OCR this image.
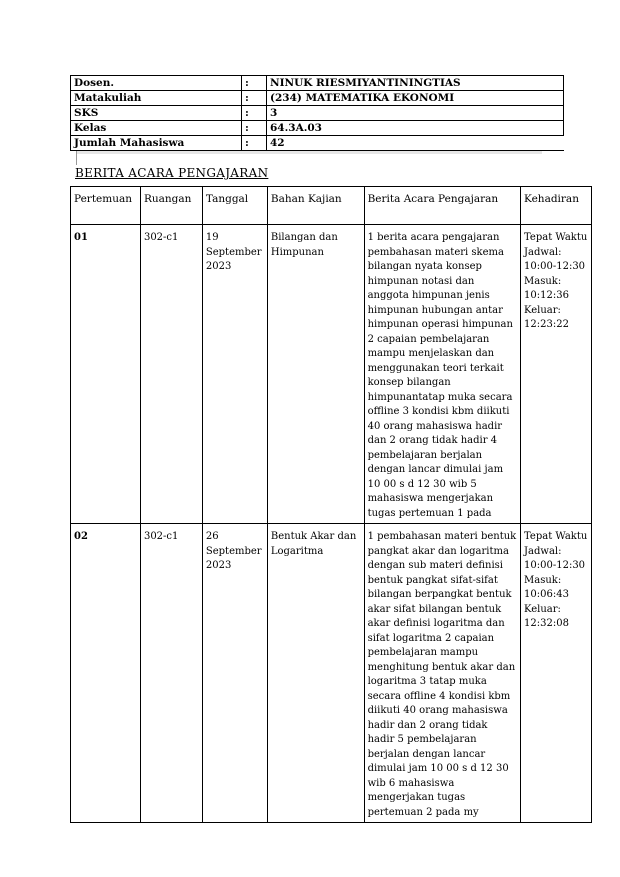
Dosen.	:	NINUK RIESMIYANTININGTIAS
Matakuliah	:	(234) MATEMATIKA EKONOMI
SKS	:	3
Kelas	:	64.3A.03
Jumlah Mahasiswa	:	42
BERITA ACARA PENGAJARAN
Pertemuan	Ruangan	Tanggal	Bahan Kajian	Berita Acara Pengajaran	Kehadiran
01	302-c1	19 September 2023	Bilangan dan Himpunan	1 berita acara pengajaran pembahasan materi skema bilangan nyata konsep himpunan notasi dan anggota himpunan jenis himpunan hubungan antar himpunan operasi himpunan 2 capaian pembelajaran mampu menjelaskan dan menggunakan teori terkait konsep bilangan himpunantatap muka secara offline 3 kondisi kbm diikuti 40 orang mahasiswa hadir dan 2 orang tidak hadir 4 pembelajaran berjalan dengan lancar dimulai jam 10 00 s d 12 30 wib 5 mahasiswa mengerjakan tugas pertemuan 1 pada	Tepat Waktu Jadwal: 10:00-12:30 Masuk: 10:12:36 Keluar: 12:23:22
02	302-c1	26 September 2023	Bentuk Akar dan Logaritma	1 pembahasan materi bentuk pangkat akar dan logaritma dengan sub materi definisi bentuk pangkat sifat-sifat bilangan berpangkat bentuk akar sifat bilangan bentuk akar definisi logaritma dan sifat logaritma 2 capaian pembelajaran mampu menghitung bentuk akar dan logaritma 3 tatap muka secara offline 4 kondisi kbm diikuti 40 orang mahasiswa hadir dan 2 orang tidak hadir 5 pembelajaran berjalan dengan lancar dimulai jam 10 00 s d 12 30 wib 6 mahasiswa mengerjakan tugas pertemuan 2 pada my	Tepat Waktu Jadwal: 10:00-12:30 Masuk: 10:06:43 Keluar: 12:32:08
